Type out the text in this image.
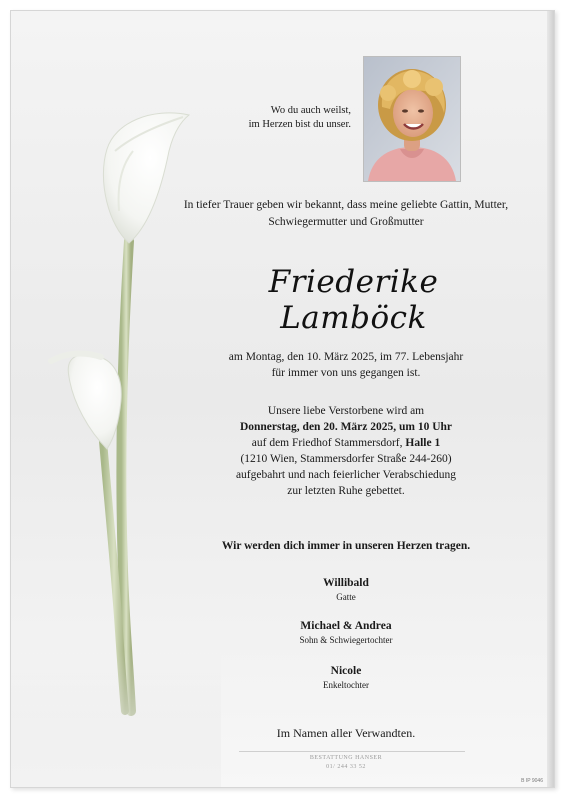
Wo du auch weilst,
im Herzen bist du unser.
In tiefer Trauer geben wir bekannt, dass meine geliebte Gattin, Mutter, Schwiegermutter und Großmutter
Friederike Lamböck
am Montag, den 10. März 2025, im 77. Lebensjahr
für immer von uns gegangen ist.
Unsere liebe Verstorbene wird am
Donnerstag, den 20. März 2025, um 10 Uhr
auf dem Friedhof Stammersdorf, Halle 1
(1210 Wien, Stammersdorfer Straße 244-260)
aufgebahrt und nach feierlicher Verabschiedung
zur letzten Ruhe gebettet.
Wir werden dich immer in unseren Herzen tragen.
Willibald
Gatte
Michael & Andrea
Sohn & Schwiegertochter
Nicole
Enkeltochter
Im Namen aller Verwandten.
BESTATTUNG HANSER
01/ 244 33 52
B IP 9046
